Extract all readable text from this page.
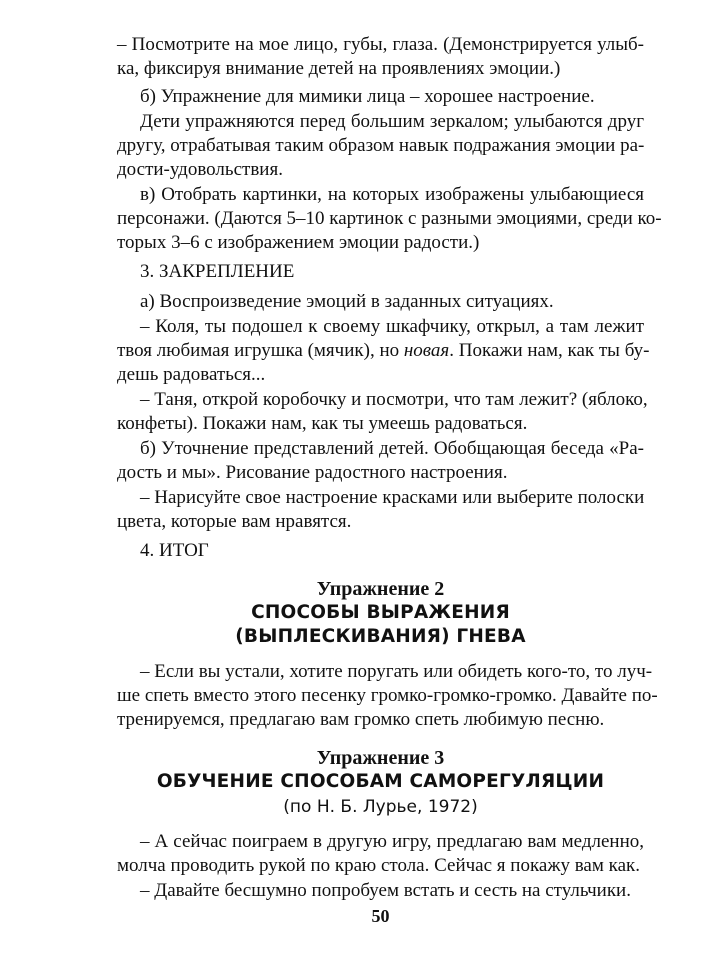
– Посмотрите на мое лицо, губы, глаза. (Демонстрируется улыб-

ка, фиксируя внимание детей на проявлениях эмоции.)

б) Упражнение для мимики лица – хорошее настроение.

Дети упражняются перед большим зеркалом; улыбаются друг

другу, отрабатывая таким образом навык подражания эмоции ра-

дости-удовольствия.

в) Отобрать картинки, на которых изображены улыбающиеся

персонажи. (Даются 5–10 картинок с разными эмоциями, среди ко-

торых 3–6 с изображением эмоции радости.)

3. ЗАКРЕПЛЕНИЕ

а) Воспроизведение эмоций в заданных ситуациях.

– Коля, ты подошел к своему шкафчику, открыл, а там лежит

твоя любимая игрушка (мячик), но новая. Покажи нам, как ты бу-

дешь радоваться...

– Таня, открой коробочку и посмотри, что там лежит? (яблоко,

конфеты). Покажи нам, как ты умеешь радоваться.

б) Уточнение представлений детей. Обобщающая беседа «Ра-

дость и мы». Рисование радостного настроения.

– Нарисуйте свое настроение красками или выберите полоски

цвета, которые вам нравятся.

4. ИТОГ

Упражнение 2

СПОСОБЫ ВЫРАЖЕНИЯ

(ВЫПЛЕСКИВАНИЯ) ГНЕВА

– Если вы устали, хотите поругать или обидеть кого-то, то луч-

ше спеть вместо этого песенку громко-громко-громко. Давайте по-

тренируемся, предлагаю вам громко спеть любимую песню.

Упражнение 3

ОБУЧЕНИЕ СПОСОБАМ САМОРЕГУЛЯЦИИ

(по Н. Б. Лурье, 1972)

– А сейчас поиграем в другую игру, предлагаю вам медленно,

молча проводить рукой по краю стола. Сейчас я покажу вам как.

– Давайте бесшумно попробуем встать и сесть на стульчики.

50
